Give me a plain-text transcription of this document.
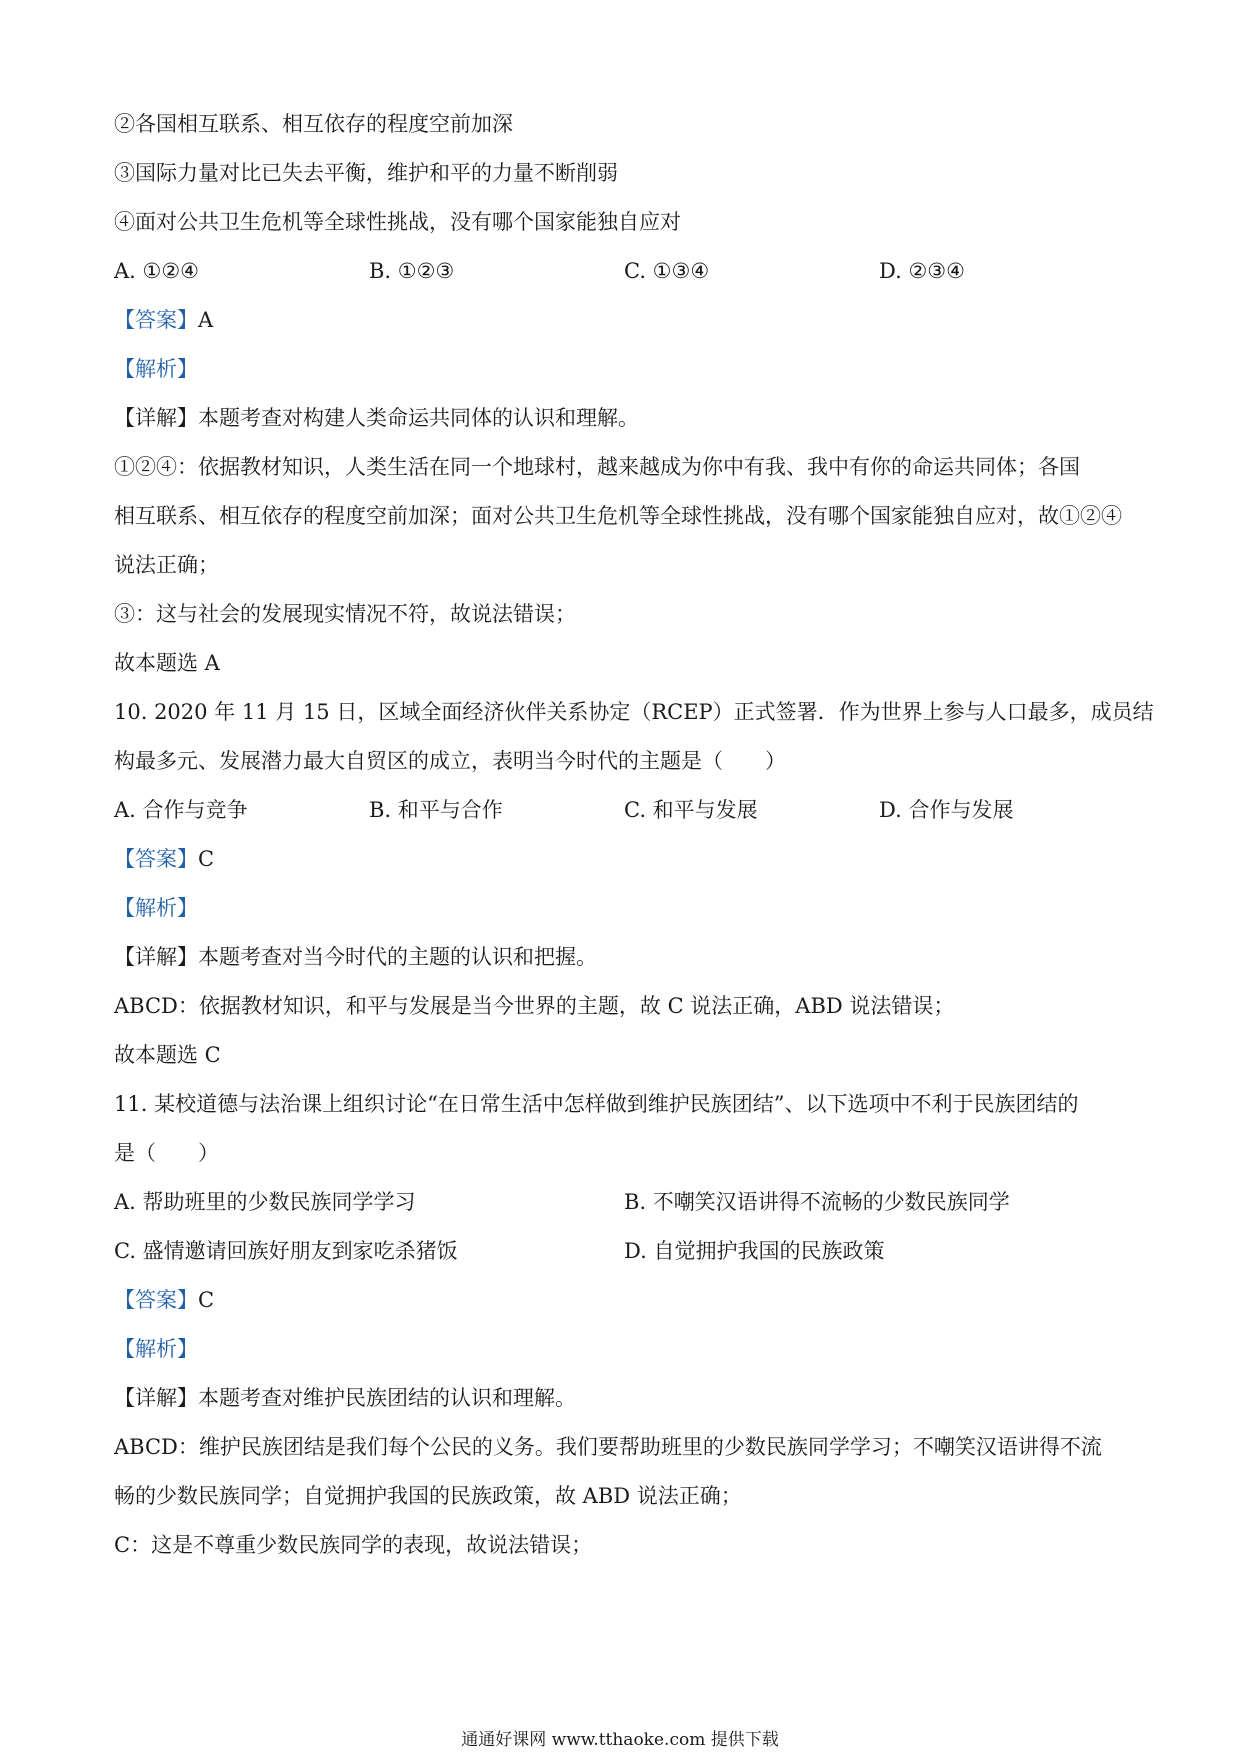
②各国相互联系、相互依存的程度空前加深
③国际力量对比已失去平衡，维护和平的力量不断削弱
④面对公共卫生危机等全球性挑战，没有哪个国家能独自应对
A. ①②④	B. ①②③	C. ①③④	D. ②③④
【答案】A
【解析】
【详解】本题考查对构建人类命运共同体的认识和理解。
①②④：依据教材知识，人类生活在同一个地球村，越来越成为你中有我、我中有你的命运共同体；各国
相互联系、相互依存的程度空前加深；面对公共卫生危机等全球性挑战，没有哪个国家能独自应对，故①②④
说法正确；
③：这与社会的发展现实情况不符，故说法错误；
故本题选 A
10. 2020 年 11 月 15 日，区域全面经济伙伴关系协定（RCEP）正式签署．作为世界上参与人口最多，成员结
构最多元、发展潜力最大自贸区的成立，表明当今时代的主题是（　　）
A. 合作与竞争	B. 和平与合作	C. 和平与发展	D. 合作与发展
【答案】C
【解析】
【详解】本题考查对当今时代的主题的认识和把握。
ABCD：依据教材知识，和平与发展是当今世界的主题，故 C 说法正确，ABD 说法错误；
故本题选 C
11. 某校道德与法治课上组织讨论“在日常生活中怎样做到维护民族团结”、以下选项中不利于民族团结的
是（　　）
A. 帮助班里的少数民族同学学习	B. 不嘲笑汉语讲得不流畅的少数民族同学
C. 盛情邀请回族好朋友到家吃杀猪饭	D. 自觉拥护我国的民族政策
【答案】C
【解析】
【详解】本题考查对维护民族团结的认识和理解。
ABCD：维护民族团结是我们每个公民的义务。我们要帮助班里的少数民族同学学习；不嘲笑汉语讲得不流
畅的少数民族同学；自觉拥护我国的民族政策，故 ABD 说法正确；
C：这是不尊重少数民族同学的表现，故说法错误；
通通好课网 www.tthaoke.com 提供下载
